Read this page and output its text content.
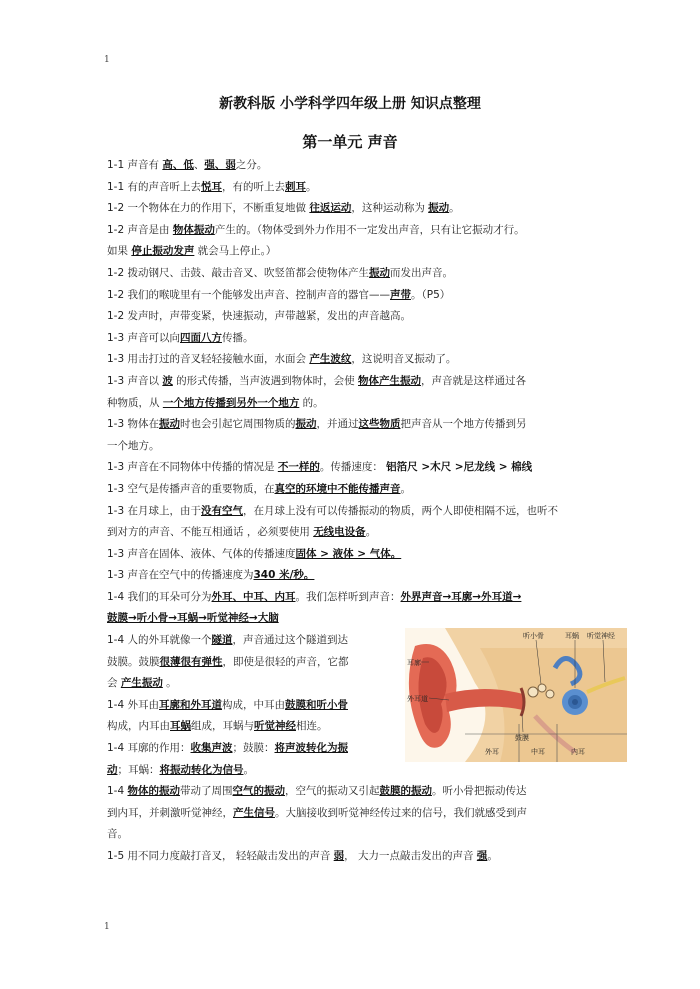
1
新教科版 小学科学四年级上册 知识点整理
第一单元 声音
1-1 声音有 高、低、强、弱之分。
1-1 有的声音听上去悦耳，有的听上去刺耳。
1-2 一个物体在力的作用下，不断重复地做 往返运动，这种运动称为 振动。
1-2 声音是由 物体振动产生的。（物体受到外力作用不一定发出声音，只有让它振动才行。
如果 停止振动发声 就会马上停止。）
1-2 拨动钢尺、击鼓、敲击音叉、吹竖笛都会使物体产生振动而发出声音。
1-2 我们的喉咙里有一个能够发出声音、控制声音的器官——声带。（P5）
1-2 发声时，声带变紧，快速振动，声带越紧，发出的声音越高。
1-3 声音可以向四面八方传播。
1-3 用击打过的音叉轻轻接触水面，水面会 产生波纹，这说明音叉振动了。
1-3 声音以 波 的形式传播，当声波遇到物体时，会使 物体产生振动，声音就是这样通过各
种物质，从 一个地方传播到另外一个地方 的。
1-3 物体在振动时也会引起它周围物质的振动，并通过这些物质把声音从一个地方传播到另
一个地方。
1-3 声音在不同物体中传播的情况是 不一样的。传播速度： 铝箔尺 >木尺 >尼龙线 > 棉线
1-3 空气是传播声音的重要物质，在真空的环境中不能传播声音。
1-3 在月球上，由于没有空气，在月球上没有可以传播振动的物质，两个人即使相隔不远，也听不
到对方的声音、不能互相通话 ，必须要使用 无线电设备。
1-3 声音在固体、液体、气体的传播速度固体 > 液体 > 气体。
1-3 声音在空气中的传播速度为340 米/秒。
1-4 我们的耳朵可分为外耳、中耳、内耳。我们怎样听到声音：外界声音→耳廓→外耳道→
鼓膜→听小骨→耳蜗→听觉神经→大脑
1-4 人的外耳就像一个隧道，声音通过这个隧道到达
鼓膜。鼓膜很薄很有弹性，即使是很轻的声音，它都
会 产生振动 。
1-4 外耳由耳廓和外耳道构成，中耳由鼓膜和听小骨
构成，内耳由耳蜗组成，耳蜗与听觉神经相连。
1-4 耳廓的作用：收集声波；鼓膜：将声波转化为振
动；耳蜗：将振动转化为信号。
1-4 物体的振动带动了周围空气的振动，空气的振动又引起鼓膜的振动。听小骨把振动传达
到内耳，并刺激听觉神经，产生信号。大脑接收到听觉神经传过来的信号，我们就感受到声
音。
1-5 用不同力度敲打音叉， 轻轻敲击发出的声音 弱， 大力一点敲击发出的声音 强。
听小骨	耳蜗 听觉神经
耳廓
外耳道
鼓膜
外耳	中耳	内耳
1
